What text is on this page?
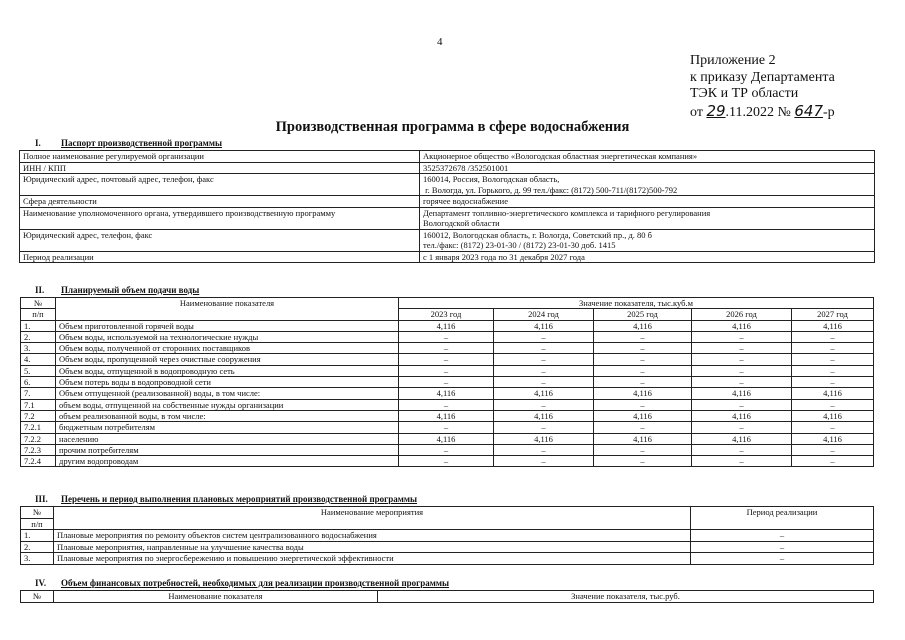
4
Приложение 2
к приказу Департамента
ТЭК и ТР области
от 29.11.2022 № 647-р
Производственная программа в сфере водоснабжения
I. Паспорт производственной программы
Полное наименование регулируемой организации	Акционерное общество «Вологодская областная энергетическая компания»

ИНН / КПП	3525372678 /352501001

Юридический адрес, почтовый адрес, телефон, факс	160014, Россия, Вологодская область,
г. Вологда, ул. Горького, д. 99 тел./факс: (8172) 500-711/(8172)500-792

Сфера деятельности	горячее водоснабжение

Наименование уполномоченного органа, утвердившего производственную программу	Департамент топливно-энергетического комплекса и тарифного регулирования
Вологодской области

Юридический адрес, телефон, факс	160012, Вологодская область, г. Вологда, Советский пр., д. 80 б
тел./факс: (8172) 23-01-30 / (8172) 23-01-30 доб. 1415

Период реализации	с 1 января 2023 года по 31 декабря 2027 года
II. Планируемый объем подачи воды
№	Наименование показателя	Значение показателя, тыс.куб.м				
п/п		2023 год	2024 год	2025 год	2026 год	2027 год
1.	Объем приготовленной горячей воды	4,116	4,116	4,116	4,116	4,116
2.	Объем воды, используемой на технологические нужды	–	–	–	–	–
3.	Объем воды, полученной от сторонних поставщиков	–	–	–	–	–
4.	Объем воды, пропущенной через очистные сооружения	–	–	–	–	–
5.	Объем воды, отпущенной в водопроводную сеть	–	–	–	–	–
6.	Объем потерь воды в водопроводной сети	–	–	–	–	–
7.	Объем отпущенной (реализованной) воды, в том числе:	4,116	4,116	4,116	4,116	4,116
7.1	объем воды, отпущенной на собственные нужды организации	–	–	–	–	–
7.2	объем реализованной воды, в том числе:	4,116	4,116	4,116	4,116	4,116
7.2.1	бюджетным потребителям	–	–	–	–	–
7.2.2	населению	4,116	4,116	4,116	4,116	4,116
7.2.3	прочим потребителям	–	–	–	–	–
7.2.4	другим водопроводам	–	–	–	–	–
III. Перечень и период выполнения плановых мероприятий производственной программы
№	Наименование мероприятия	Период реализации
п/п		
1.	Плановые мероприятия по ремонту объектов систем централизованного водоснабжения	–
2.	Плановые мероприятия, направленные на улучшение качества воды	–
3.	Плановые мероприятия по энергосбережению и повышению энергетической эффективности	–
IV. Объем финансовых потребностей, необходимых для реализации производственной программы
№	Наименование показателя	Значение показателя, тыс.руб.
